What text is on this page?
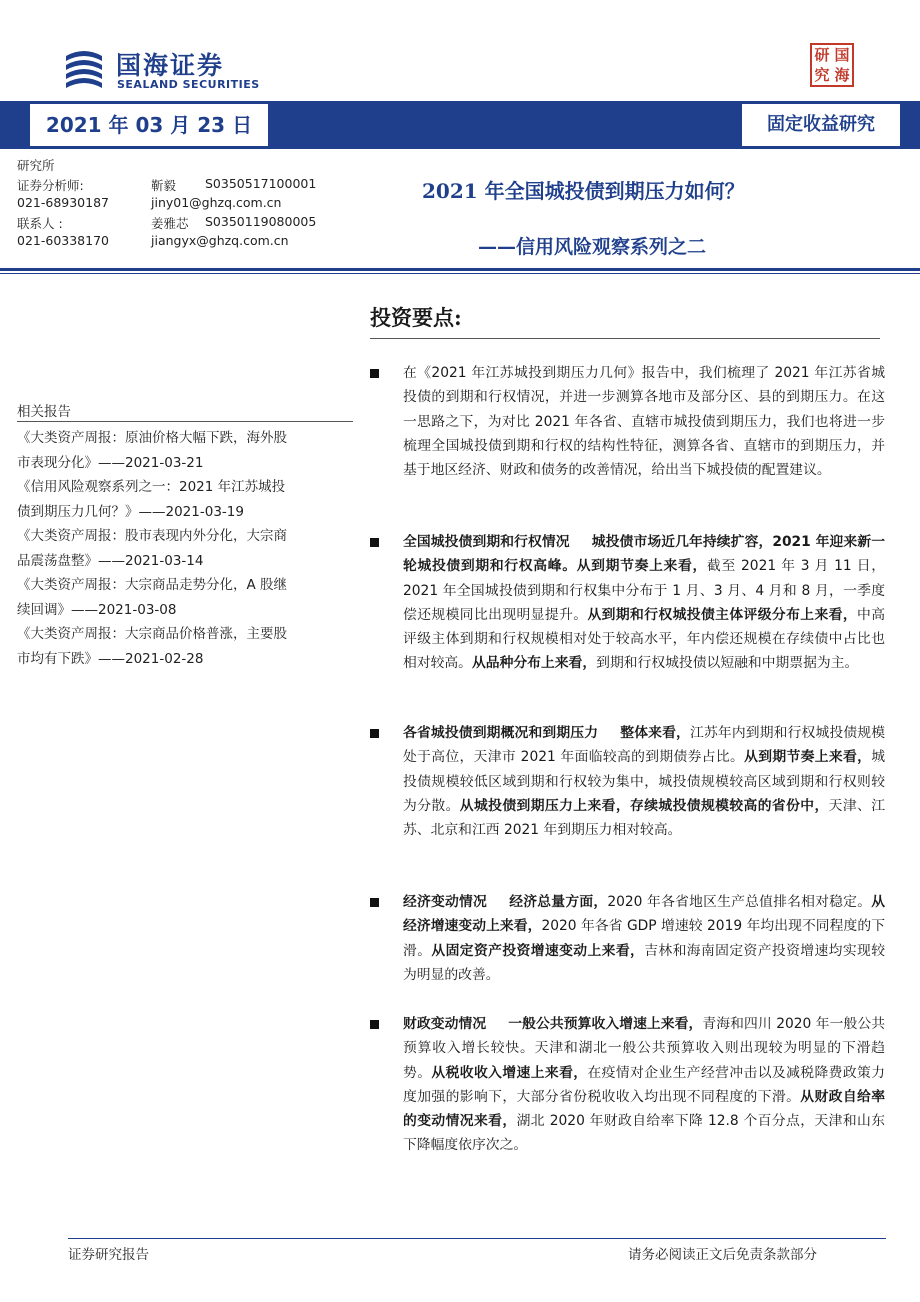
国海证券
SEALAND SECURITIES
研 国
究 海
2021 年 03 月 23 日	固定收益研究
研究所
证券分析师:	靳毅 S0350517100001
021-68930187	jiny01@ghzq.com.cn
联系人 :	姜雅芯 S0350119080005
021-60338170	jiangyx@ghzq.com.cn
2021 年全国城投债到期压力如何？
——信用风险观察系列之二
投资要点:
相关报告

《大类资产周报：原油价格大幅下跌，海外股

市表现分化》——2021-03-21

《信用风险观察系列之一：2021 年江苏城投

债到期压力几何？》——2021-03-19

《大类资产周报：股市表现内外分化，大宗商

品震荡盘整》——2021-03-14

《大类资产周报：大宗商品走势分化，A 股继

续回调》——2021-03-08

《大类资产周报：大宗商品价格普涨，主要股

市均有下跌》——2021-02-28

在《2021 年江苏城投到期压力几何》报告中，我们梳理了 2021 年江苏省城投债的到期和行权情况，并进一步测算各地市及部分区、县的到期压力。在这一思路之下，为对比 2021 年各省、直辖市城投债到期压力，我们也将进一步梳理全国城投债到期和行权的结构性特征，测算各省、直辖市的到期压力，并基于地区经济、财政和债务的改善情况，给出当下城投债的配置建议。
全国城投债到期和行权情况 城投债市场近几年持续扩容，2021 年迎来新一轮城投债到期和行权高峰。从到期节奏上来看，截至 2021 年 3 月 11 日，2021 年全国城投债到期和行权集中分布于 1 月、3 月、4 月和 8 月，一季度偿还规模同比出现明显提升。从到期和行权城投债主体评级分布上来看，中高评级主体到期和行权规模相对处于较高水平，年内偿还规模在存续债中占比也相对较高。从品种分布上来看，到期和行权城投债以短融和中期票据为主。
各省城投债到期概况和到期压力 整体来看，江苏年内到期和行权城投债规模处于高位，天津市 2021 年面临较高的到期债券占比。从到期节奏上来看，城投债规模较低区域到期和行权较为集中，城投债规模较高区域到期和行权则较为分散。从城投债到期压力上来看，存续城投债规模较高的省份中，天津、江苏、北京和江西 2021 年到期压力相对较高。
经济变动情况 经济总量方面，2020 年各省地区生产总值排名相对稳定。从经济增速变动上来看，2020 年各省 GDP 增速较 2019 年均出现不同程度的下滑。从固定资产投资增速变动上来看，吉林和海南固定资产投资增速均实现较为明显的改善。
财政变动情况 一般公共预算收入增速上来看，青海和四川 2020 年一般公共预算收入增长较快。天津和湖北一般公共预算收入则出现较为明显的下滑趋势。从税收收入增速上来看，在疫情对企业生产经营冲击以及减税降费政策力度加强的影响下，大部分省份税收收入均出现不同程度的下滑。从财政自给率的变动情况来看，湖北 2020 年财政自给率下降 12.8 个百分点，天津和山东下降幅度依序次之。
证券研究报告	请务必阅读正文后免责条款部分
